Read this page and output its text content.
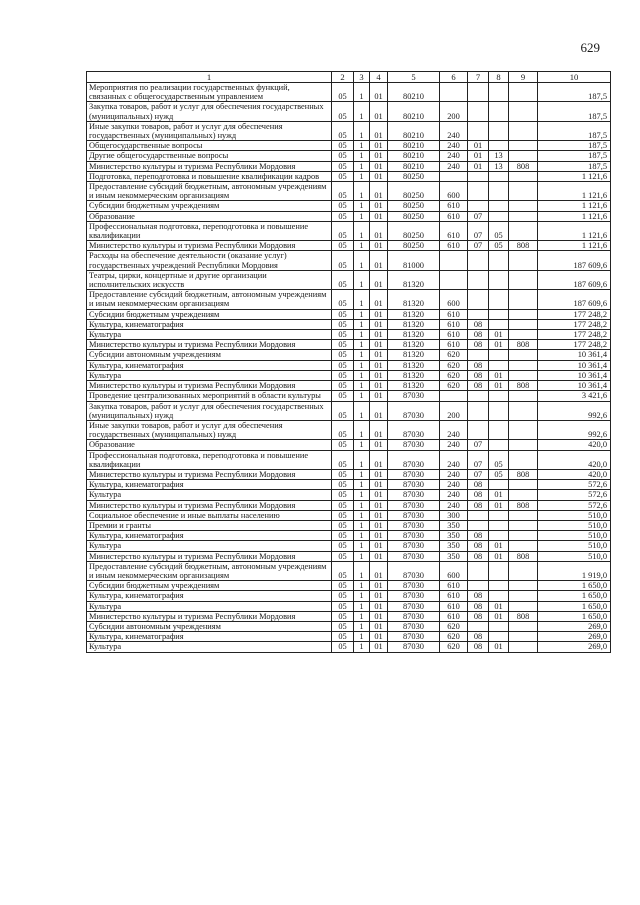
629
1	2	3	4	5	6	7	8	9	10
Мероприятия по реализации государственных функций, связанных с общегосударственным управлением	05	1	01	80210					187,5
Закупка товаров, работ и услуг для обеспечения государственных (муниципальных) нужд	05	1	01	80210	200				187,5
Иные закупки товаров, работ и услуг для обеспечения государственных (муниципальных) нужд	05	1	01	80210	240				187,5
Общегосударственные вопросы	05	1	01	80210	240	01			187,5
Другие общегосударственные вопросы	05	1	01	80210	240	01	13		187,5
Министерство культуры и туризма Республики Мордовия	05	1	01	80210	240	01	13	808	187,5
Подготовка, переподготовка и повышение квалификации кадров	05	1	01	80250					1 121,6
Предоставление субсидий бюджетным, автономным учреждениям и иным некоммерческим организациям	05	1	01	80250	600				1 121,6
Субсидии бюджетным учреждениям	05	1	01	80250	610				1 121,6
Образование	05	1	01	80250	610	07			1 121,6
Профессиональная подготовка, переподготовка и повышение квалификации	05	1	01	80250	610	07	05		1 121,6
Министерство культуры и туризма Республики Мордовия	05	1	01	80250	610	07	05	808	1 121,6
Расходы на обеспечение деятельности (оказание услуг) государственных учреждений Республики Мордовия	05	1	01	81000					187 609,6
Театры, цирки, концертные и другие организации исполнительских искусств	05	1	01	81320					187 609,6
Предоставление субсидий бюджетным, автономным учреждениям и иным некоммерческим организациям	05	1	01	81320	600				187 609,6
Субсидии бюджетным учреждениям	05	1	01	81320	610				177 248,2
Культура, кинематография	05	1	01	81320	610	08			177 248,2
Культура	05	1	01	81320	610	08	01		177 248,2
Министерство культуры и туризма Республики Мордовия	05	1	01	81320	610	08	01	808	177 248,2
Субсидии автономным учреждениям	05	1	01	81320	620				10 361,4
Культура, кинематография	05	1	01	81320	620	08			10 361,4
Культура	05	1	01	81320	620	08	01		10 361,4
Министерство культуры и туризма Республики Мордовия	05	1	01	81320	620	08	01	808	10 361,4
Проведение централизованных мероприятий в области культуры	05	1	01	87030					3 421,6
Закупка товаров, работ и услуг для обеспечения государственных (муниципальных) нужд	05	1	01	87030	200				992,6
Иные закупки товаров, работ и услуг для обеспечения государственных (муниципальных) нужд	05	1	01	87030	240				992,6
Образование	05	1	01	87030	240	07			420,0
Профессиональная подготовка, переподготовка и повышение квалификации	05	1	01	87030	240	07	05		420,0
Министерство культуры и туризма Республики Мордовия	05	1	01	87030	240	07	05	808	420,0
Культура, кинематография	05	1	01	87030	240	08			572,6
Культура	05	1	01	87030	240	08	01		572,6
Министерство культуры и туризма Республики Мордовия	05	1	01	87030	240	08	01	808	572,6
Социальное обеспечение и иные выплаты населению	05	1	01	87030	300				510,0
Премии и гранты	05	1	01	87030	350				510,0
Культура, кинематография	05	1	01	87030	350	08			510,0
Культура	05	1	01	87030	350	08	01		510,0
Министерство культуры и туризма Республики Мордовия	05	1	01	87030	350	08	01	808	510,0
Предоставление субсидий бюджетным, автономным учреждениям и иным некоммерческим организациям	05	1	01	87030	600				1 919,0
Субсидии бюджетным учреждениям	05	1	01	87030	610				1 650,0
Культура, кинематография	05	1	01	87030	610	08			1 650,0
Культура	05	1	01	87030	610	08	01		1 650,0
Министерство культуры и туризма Республики Мордовия	05	1	01	87030	610	08	01	808	1 650,0
Субсидии автономным учреждениям	05	1	01	87030	620				269,0
Культура, кинематография	05	1	01	87030	620	08			269,0
Культура	05	1	01	87030	620	08	01		269,0
